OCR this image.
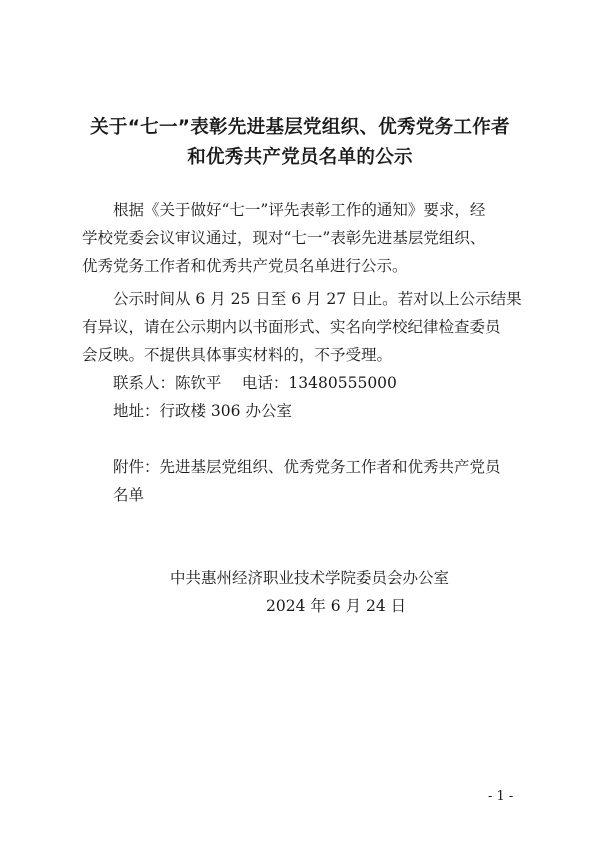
关于“七一”表彰先进基层党组织、优秀党务工作者
和优秀共产党员名单的公示
根据《关于做好“七一”评先表彰工作的通知》要求，经
学校党委会议审议通过，现对“七一”表彰先进基层党组织、
优秀党务工作者和优秀共产党员名单进行公示。
公示时间从 6 月 25 日至 6 月 27 日止。若对以上公示结果
有异议，请在公示期内以书面形式、实名向学校纪律检查委员
会反映。不提供具体事实材料的，不予受理。
联系人：陈钦平　 电话：13480555000
地址：行政楼 306 办公室
附件：先进基层党组织、优秀党务工作者和优秀共产党员
名单
中共惠州经济职业技术学院委员会办公室
2024 年 6 月 24 日
- 1 -
